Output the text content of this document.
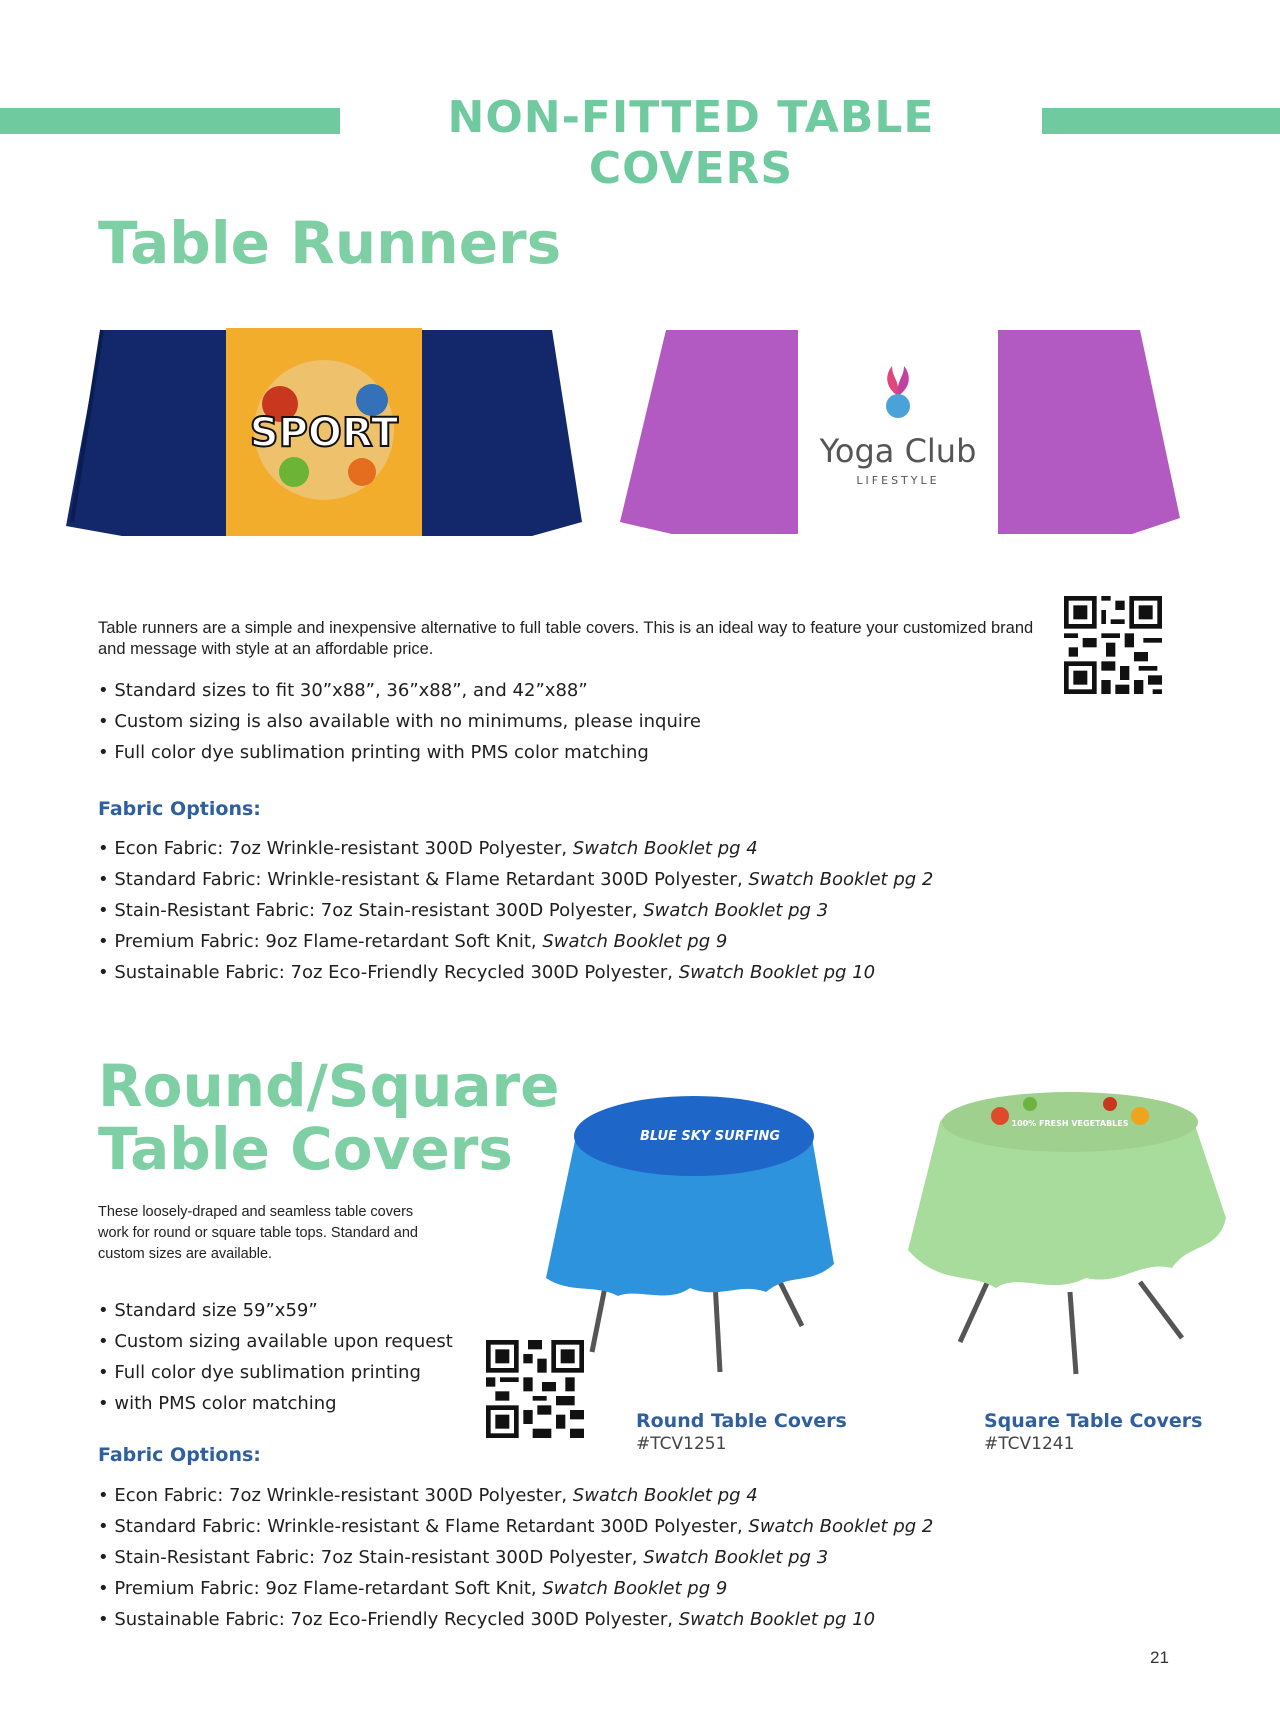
NON-FITTED TABLE COVERS
Table Runners
SPORT	Yoga Club
LIFESTYLE
Table runners are a simple and inexpensive alternative to full table covers. This is an ideal way to feature your customized brand and message with style at an affordable price.
• Standard sizes to fit 30”x88”, 36”x88”, and 42”x88”
• Custom sizing is also available with no minimums, please inquire
• Full color dye sublimation printing with PMS color matching
Fabric Options:
• Econ Fabric: 7oz Wrinkle-resistant 300D Polyester, Swatch Booklet pg 4
• Standard Fabric: Wrinkle-resistant & Flame Retardant 300D Polyester, Swatch Booklet pg 2
• Stain-Resistant Fabric: 7oz Stain-resistant 300D Polyester, Swatch Booklet pg 3
• Premium Fabric: 9oz Flame-retardant Soft Knit, Swatch Booklet pg 9
• Sustainable Fabric: 7oz Eco-Friendly Recycled 300D Polyester, Swatch Booklet pg 10
Round/Square
Table Covers
These loosely-draped and seamless table covers work for round or square table tops. Standard and custom sizes are available.
• Standard size 59”x59”
• Custom sizing available upon request
• Full color dye sublimation printing
• with PMS color matching
Fabric Options:
• Econ Fabric: 7oz Wrinkle-resistant 300D Polyester, Swatch Booklet pg 4
• Standard Fabric: Wrinkle-resistant & Flame Retardant 300D Polyester, Swatch Booklet pg 2
• Stain-Resistant Fabric: 7oz Stain-resistant 300D Polyester, Swatch Booklet pg 3
• Premium Fabric: 9oz Flame-retardant Soft Knit, Swatch Booklet pg 9
• Sustainable Fabric: 7oz Eco-Friendly Recycled 300D Polyester, Swatch Booklet pg 10
BLUE SKY SURFING
100% FRESH VEGETABLES
Round Table Covers
#TCV1251
Square Table Covers
#TCV1241
21
